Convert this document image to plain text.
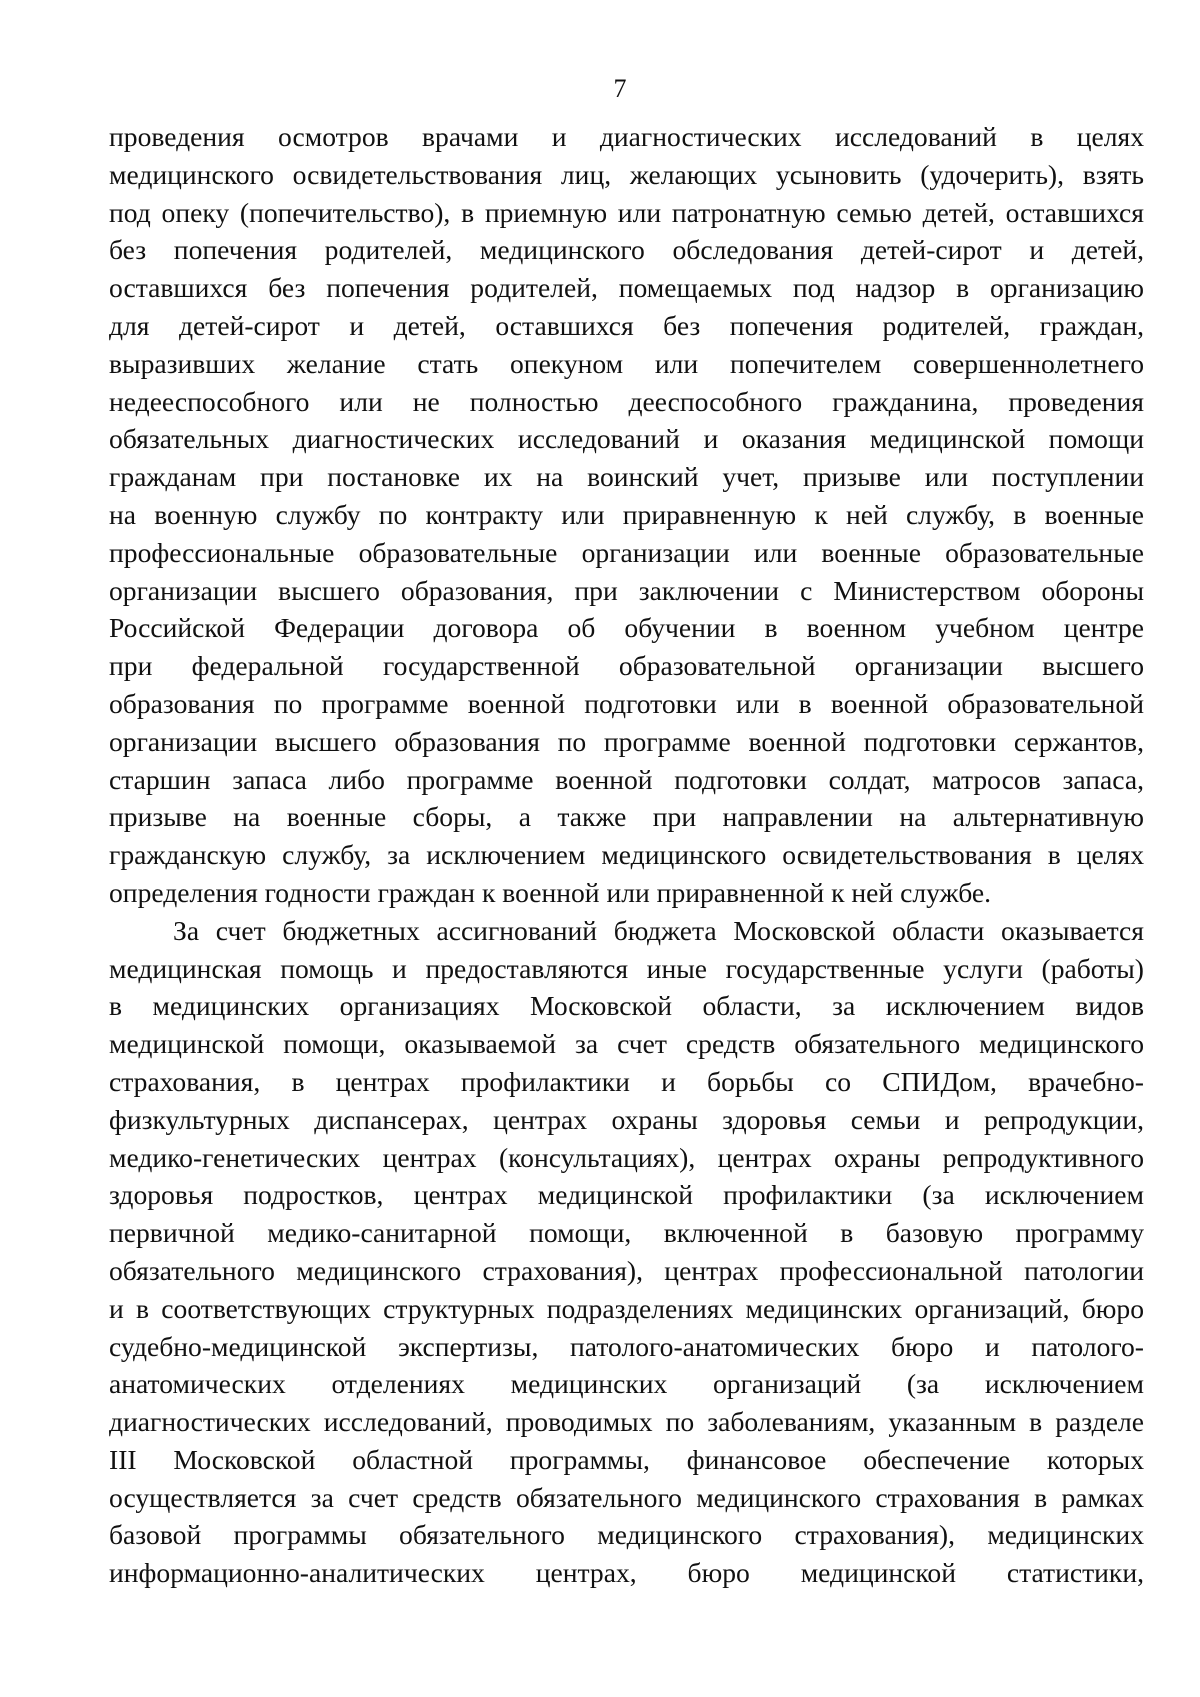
7
проведения осмотров врачами и диагностических исследований в целях
медицинского освидетельствования лиц, желающих усыновить (удочерить), взять
под опеку (попечительство), в приемную или патронатную семью детей, оставшихся
без попечения родителей, медицинского обследования детей-сирот и детей,
оставшихся без попечения родителей, помещаемых под надзор в организацию
для детей-сирот и детей, оставшихся без попечения родителей, граждан,
выразивших желание стать опекуном или попечителем совершеннолетнего
недееспособного или не полностью дееспособного гражданина, проведения
обязательных диагностических исследований и оказания медицинской помощи
гражданам при постановке их на воинский учет, призыве или поступлении
на военную службу по контракту или приравненную к ней службу, в военные
профессиональные образовательные организации или военные образовательные
организации высшего образования, при заключении с Министерством обороны
Российской Федерации договора об обучении в военном учебном центре
при федеральной государственной образовательной организации высшего
образования по программе военной подготовки или в военной образовательной
организации высшего образования по программе военной подготовки сержантов,
старшин запаса либо программе военной подготовки солдат, матросов запаса,
призыве на военные сборы, а также при направлении на альтернативную
гражданскую службу, за исключением медицинского освидетельствования в целях
определения годности граждан к военной или приравненной к ней службе.
За счет бюджетных ассигнований бюджета Московской области оказывается
медицинская помощь и предоставляются иные государственные услуги (работы)
в медицинских организациях Московской области, за исключением видов
медицинской помощи, оказываемой за счет средств обязательного медицинского
страхования, в центрах профилактики и борьбы со СПИДом, врачебно-
физкультурных диспансерах, центрах охраны здоровья семьи и репродукции,
медико-генетических центрах (консультациях), центрах охраны репродуктивного
здоровья подростков, центрах медицинской профилактики (за исключением
первичной медико-санитарной помощи, включенной в базовую программу
обязательного медицинского страхования), центрах профессиональной патологии
и в соответствующих структурных подразделениях медицинских организаций, бюро
судебно-медицинской экспертизы, патолого-анатомических бюро и патолого-
анатомических отделениях медицинских организаций (за исключением
диагностических исследований, проводимых по заболеваниям, указанным в разделе
III Московской областной программы, финансовое обеспечение которых
осуществляется за счет средств обязательного медицинского страхования в рамках
базовой программы обязательного медицинского страхования), медицинских
информационно-аналитических центрах, бюро медицинской статистики,
